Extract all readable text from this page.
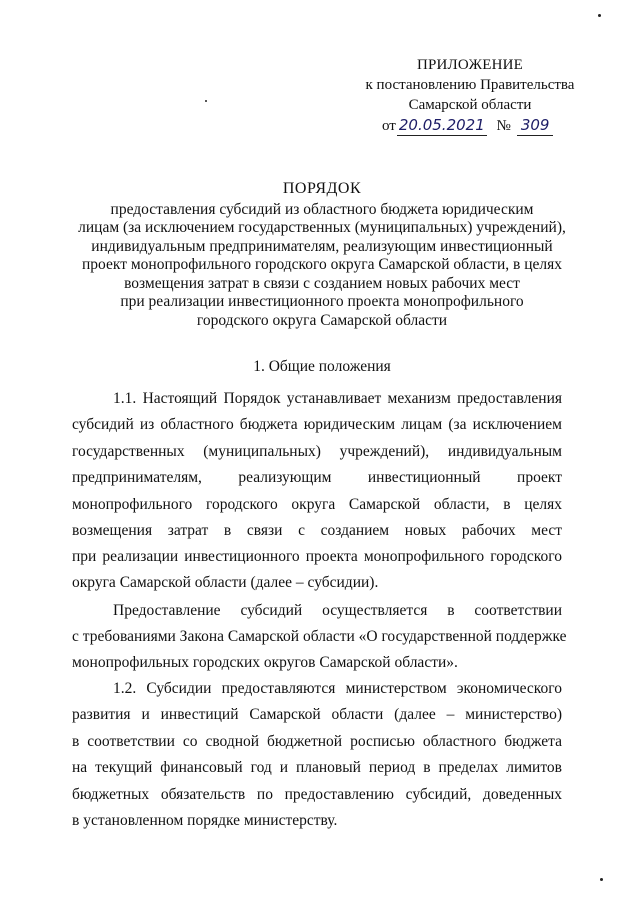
ПРИЛОЖЕНИЕ
к постановлению Правительства
Самарской области
от 20.05.2021 № 309
ПОРЯДОК
предоставления субсидий из областного бюджета юридическим
лицам (за исключением государственных (муниципальных) учреждений),
индивидуальным предпринимателям, реализующим инвестиционный
проект монопрофильного городского округа Самарской области, в целях
возмещения затрат в связи с созданием новых рабочих мест
при реализации инвестиционного проекта монопрофильного
городского округа Самарской области
1. Общие положения
1.1. Настоящий Порядок устанавливает механизм предоставления
субсидий из областного бюджета юридическим лицам (за исключением
государственных (муниципальных) учреждений), индивидуальным
предпринимателям, реализующим инвестиционный проект
монопрофильного городского округа Самарской области, в целях
возмещения затрат в связи с созданием новых рабочих мест
при реализации инвестиционного проекта монопрофильного городского
округа Самарской области (далее – субсидии).
Предоставление субсидий осуществляется в соответствии
с требованиями Закона Самарской области «О государственной поддержке
монопрофильных городских округов Самарской области».
1.2. Субсидии предоставляются министерством экономического
развития и инвестиций Самарской области (далее – министерство)
в соответствии со сводной бюджетной росписью областного бюджета
на текущий финансовый год и плановый период в пределах лимитов
бюджетных обязательств по предоставлению субсидий, доведенных
в установленном порядке министерству.
